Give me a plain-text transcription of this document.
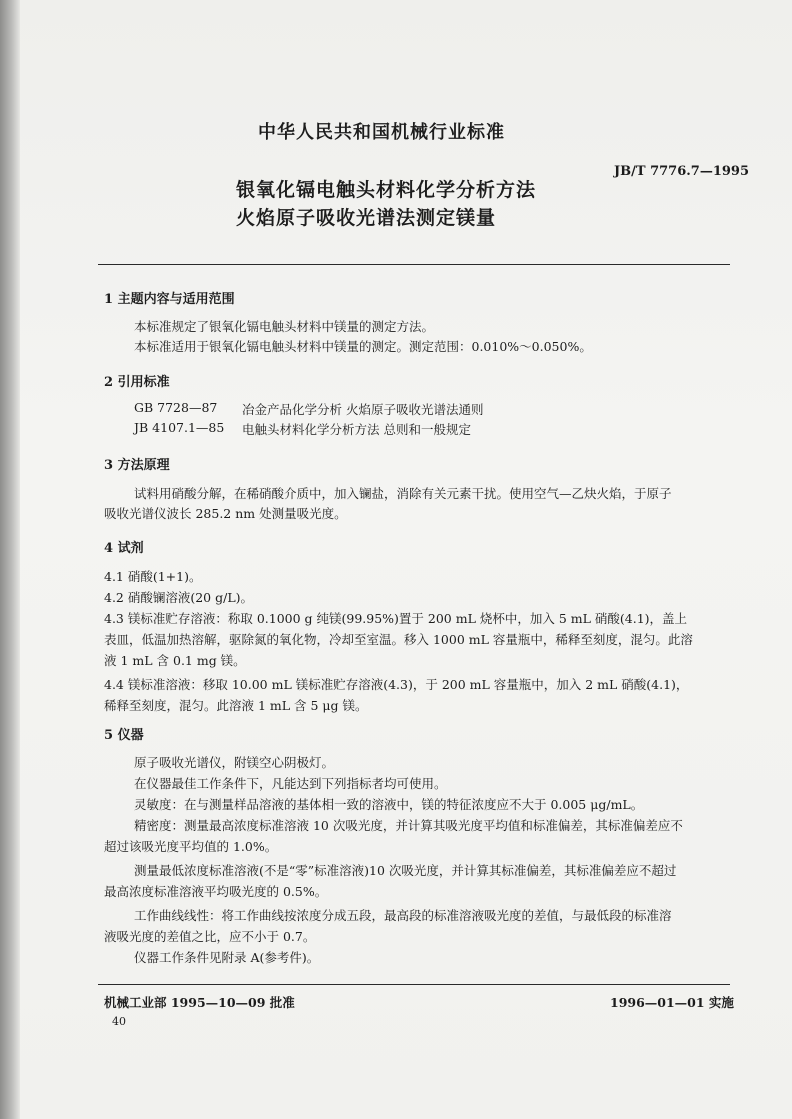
中华人民共和国机械行业标准
JB/T 7776.7—1995
银氧化镉电触头材料化学分析方法
火焰原子吸收光谱法测定镁量
1 主题内容与适用范围
本标准规定了银氧化镉电触头材料中镁量的测定方法。
本标准适用于银氧化镉电触头材料中镁量的测定。测定范围：0.010%～0.050%。
2 引用标准
GB 7728—87 冶金产品化学分析 火焰原子吸收光谱法通则
JB 4107.1—85 电触头材料化学分析方法 总则和一般规定
3 方法原理
试料用硝酸分解，在稀硝酸介质中，加入镧盐，消除有关元素干扰。使用空气—乙炔火焰，于原子
吸收光谱仪波长 285.2 nm 处测量吸光度。
4 试剂
4.1 硝酸(1+1)。
4.2 硝酸镧溶液(20 g/L)。
4.3 镁标准贮存溶液：称取 0.1000 g 纯镁(99.95%)置于 200 mL 烧杯中，加入 5 mL 硝酸(4.1)，盖上
表皿，低温加热溶解，驱除氮的氧化物，冷却至室温。移入 1000 mL 容量瓶中，稀释至刻度，混匀。此溶
液 1 mL 含 0.1 mg 镁。
4.4 镁标准溶液：移取 10.00 mL 镁标准贮存溶液(4.3)，于 200 mL 容量瓶中，加入 2 mL 硝酸(4.1)，
稀释至刻度，混匀。此溶液 1 mL 含 5 μg 镁。
5 仪器
原子吸收光谱仪，附镁空心阴极灯。
在仪器最佳工作条件下，凡能达到下列指标者均可使用。
灵敏度：在与测量样品溶液的基体相一致的溶液中，镁的特征浓度应不大于 0.005 μg/mL。
精密度：测量最高浓度标准溶液 10 次吸光度，并计算其吸光度平均值和标准偏差，其标准偏差应不
超过该吸光度平均值的 1.0%。
测量最低浓度标准溶液(不是“零”标准溶液)10 次吸光度，并计算其标准偏差，其标准偏差应不超过
最高浓度标准溶液平均吸光度的 0.5%。
工作曲线线性：将工作曲线按浓度分成五段，最高段的标准溶液吸光度的差值，与最低段的标准溶
液吸光度的差值之比，应不小于 0.7。
仪器工作条件见附录 A(参考件)。
机械工业部 1995—10—09 批准	1996—01—01 实施
40
